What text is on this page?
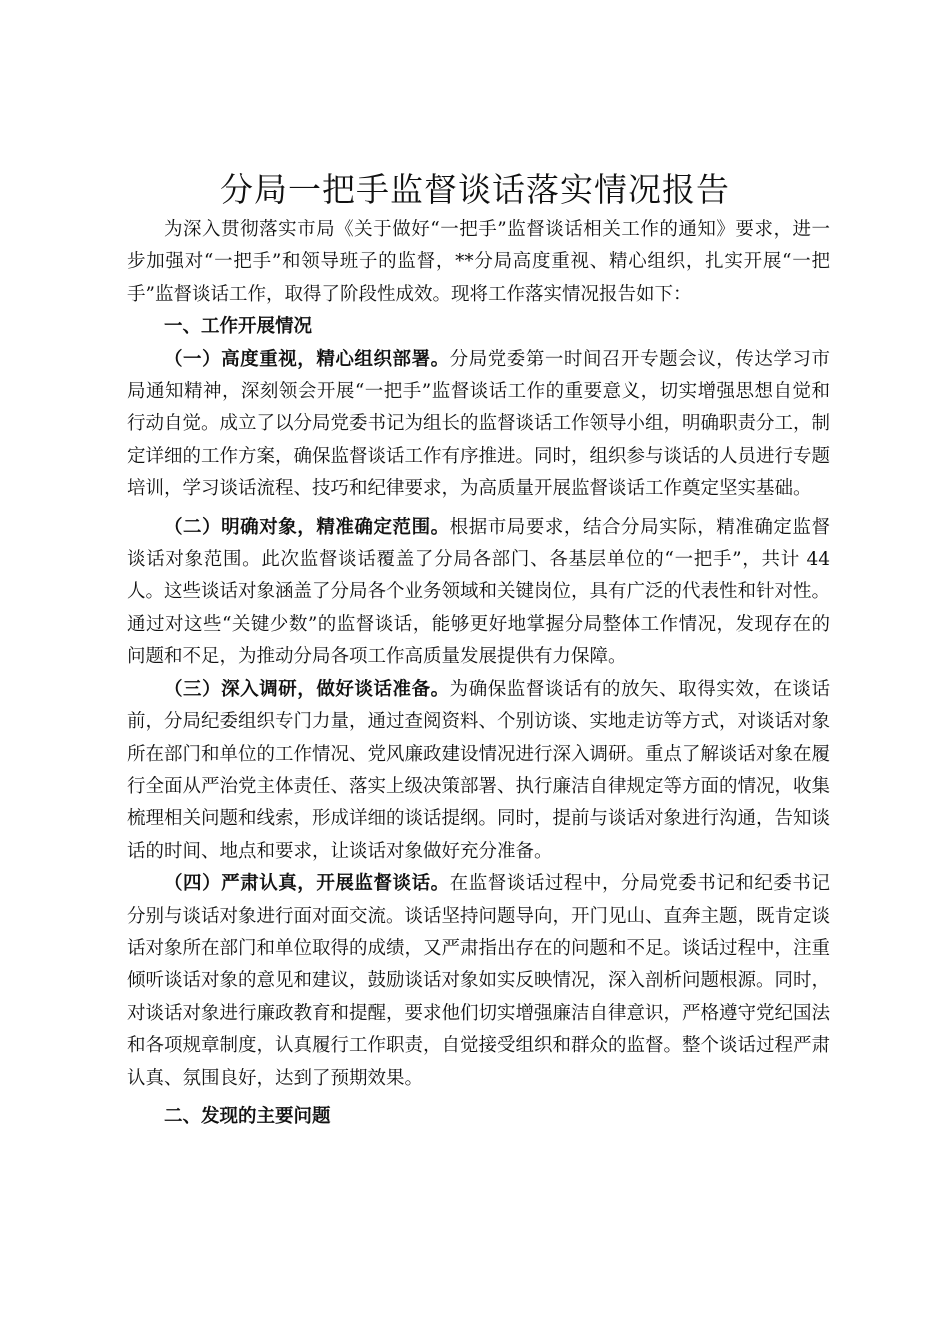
分局一把手监督谈话落实情况报告

为深入贯彻落实市局《关于做好“一把手”监督谈话相关工作的通知》要求，进一步加强对“一把手”和领导班子的监督，**分局高度重视、精心组织，扎实开展“一把手”监督谈话工作，取得了阶段性成效。现将工作落实情况报告如下：

一、工作开展情况

（一）高度重视，精心组织部署。分局党委第一时间召开专题会议，传达学习市局通知精神，深刻领会开展“一把手”监督谈话工作的重要意义，切实增强思想自觉和行动自觉。成立了以分局党委书记为组长的监督谈话工作领导小组，明确职责分工，制定详细的工作方案，确保监督谈话工作有序推进。同时，组织参与谈话的人员进行专题培训，学习谈话流程、技巧和纪律要求，为高质量开展监督谈话工作奠定坚实基础。

（二）明确对象，精准确定范围。根据市局要求，结合分局实际，精准确定监督谈话对象范围。此次监督谈话覆盖了分局各部门、各基层单位的“一把手”，共计 44 人。这些谈话对象涵盖了分局各个业务领域和关键岗位，具有广泛的代表性和针对性。通过对这些“关键少数”的监督谈话，能够更好地掌握分局整体工作情况，发现存在的问题和不足，为推动分局各项工作高质量发展提供有力保障。

（三）深入调研，做好谈话准备。为确保监督谈话有的放矢、取得实效，在谈话前，分局纪委组织专门力量，通过查阅资料、个别访谈、实地走访等方式，对谈话对象所在部门和单位的工作情况、党风廉政建设情况进行深入调研。重点了解谈话对象在履行全面从严治党主体责任、落实上级决策部署、执行廉洁自律规定等方面的情况，收集梳理相关问题和线索，形成详细的谈话提纲。同时，提前与谈话对象进行沟通，告知谈话的时间、地点和要求，让谈话对象做好充分准备。

（四）严肃认真，开展监督谈话。在监督谈话过程中，分局党委书记和纪委书记分别与谈话对象进行面对面交流。谈话坚持问题导向，开门见山、直奔主题，既肯定谈话对象所在部门和单位取得的成绩，又严肃指出存在的问题和不足。谈话过程中，注重倾听谈话对象的意见和建议，鼓励谈话对象如实反映情况，深入剖析问题根源。同时，对谈话对象进行廉政教育和提醒，要求他们切实增强廉洁自律意识，严格遵守党纪国法和各项规章制度，认真履行工作职责，自觉接受组织和群众的监督。整个谈话过程严肃认真、氛围良好，达到了预期效果。

二、发现的主要问题
